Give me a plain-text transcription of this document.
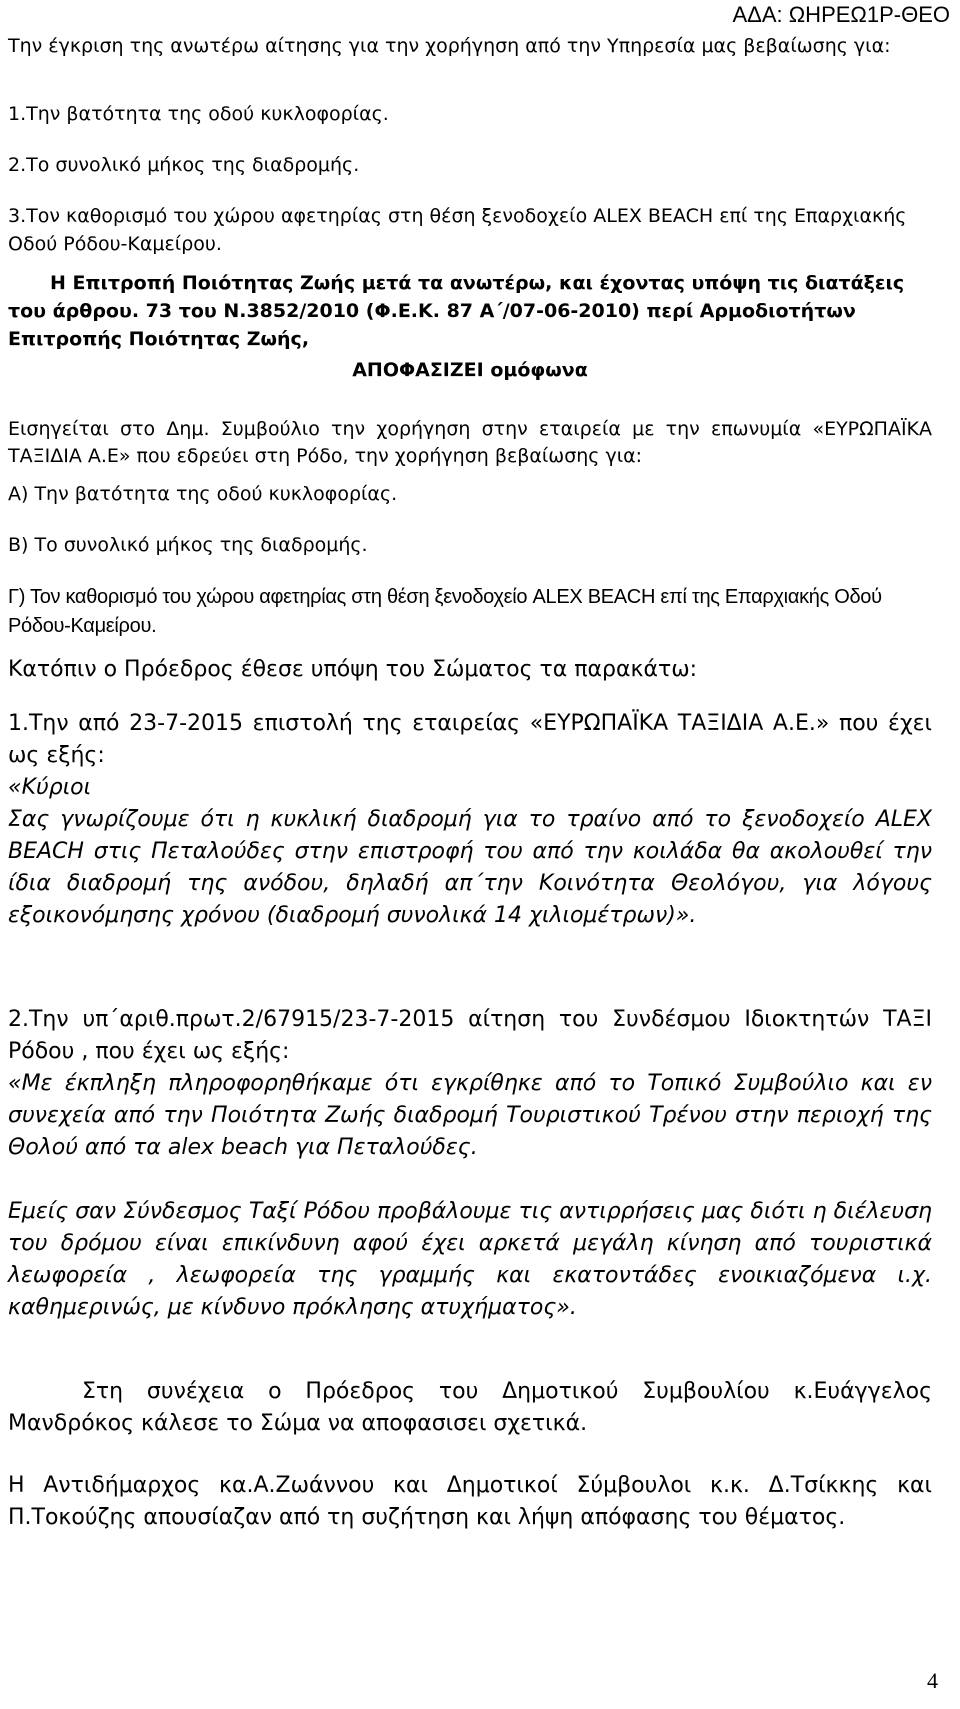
ΑΔΑ: ΩΗΡΕΩ1Ρ-ΘΕΟ

Την έγκριση της ανωτέρω αίτησης για την χορήγηση από την Υπηρεσία μας βεβαίωσης για:

1.Την βατότητα της οδού κυκλοφορίας.

2.Το συνολικό μήκος της διαδρομής.

3.Τον καθορισμό του χώρου αφετηρίας στη θέση ξενοδοχείο ALEX BEACH επί της Επαρχιακής Οδού Ρόδου-Καμείρου.

Η Επιτροπή Ποιότητας Ζωής μετά τα ανωτέρω, και έχοντας υπόψη τις διατάξεις του άρθρου. 73 του Ν.3852/2010 (Φ.Ε.Κ. 87 Α΄/07-06-2010) περί Αρμοδιοτήτων Επιτροπής Ποιότητας Ζωής,

ΑΠΟΦΑΣΙΖΕΙ ομόφωνα

Εισηγείται στο Δημ. Συμβούλιο την χορήγηση στην εταιρεία με την επωνυμία «ΕΥΡΩΠΑΪΚΑ ΤΑΞΙΔΙΑ Α.Ε» που εδρεύει στη Ρόδο, την χορήγηση βεβαίωσης για:

Α) Την βατότητα της οδού κυκλοφορίας.

Β) Το συνολικό μήκος της διαδρομής.

Γ) Τον καθορισμό του χώρου αφετηρίας στη θέση ξενοδοχείο ALEX BEACH επί της Επαρχιακής Οδού Ρόδου-Καμείρου.

Κατόπιν ο Πρόεδρος έθεσε υπόψη του Σώματος τα παρακάτω:

1.Την από 23-7-2015 επιστολή της εταιρείας «ΕΥΡΩΠΑΪΚΑ ΤΑΞΙΔΙΑ Α.Ε.» που έχει ως εξής:

«Κύριοι

Σας γνωρίζουμε ότι η κυκλική διαδρομή για το τραίνο από το ξενοδοχείο ALEX BEACH στις Πεταλούδες στην επιστροφή του από την κοιλάδα θα ακολουθεί την ίδια διαδρομή της ανόδου, δηλαδή απ΄την Κοινότητα Θεολόγου, για λόγους εξοικονόμησης χρόνου (διαδρομή συνολικά 14 χιλιομέτρων)».

2.Την υπ΄αριθ.πρωτ.2/67915/23-7-2015 αίτηση του Συνδέσμου Ιδιοκτητών ΤΑΞΙ Ρόδου , που έχει ως εξής:

«Με έκπληξη πληροφορηθήκαμε ότι εγκρίθηκε από το Τοπικό Συμβούλιο και εν συνεχεία από την Ποιότητα Ζωής διαδρομή Τουριστικού Τρένου στην περιοχή της Θολού από τα alex beach για Πεταλούδες.

Εμείς σαν Σύνδεσμος Ταξί Ρόδου προβάλουμε τις αντιρρήσεις μας διότι η διέλευση του δρόμου είναι επικίνδυνη αφού έχει αρκετά μεγάλη κίνηση από τουριστικά λεωφορεία , λεωφορεία της γραμμής και εκατοντάδες ενοικιαζόμενα ι.χ. καθημερινώς, με κίνδυνο πρόκλησης ατυχήματος».

Στη συνέχεια ο Πρόεδρος του Δημοτικού Συμβουλίου κ.Ευάγγελος Μανδρόκος κάλεσε το Σώμα να αποφασισει σχετικά.

Η Αντιδήμαρχος κα.Α.Ζωάννου και Δημοτικοί Σύμβουλοι κ.κ. Δ.Τσίκκης και Π.Τοκούζης απουσίαζαν από τη συζήτηση και λήψη απόφασης του θέματος.

4
